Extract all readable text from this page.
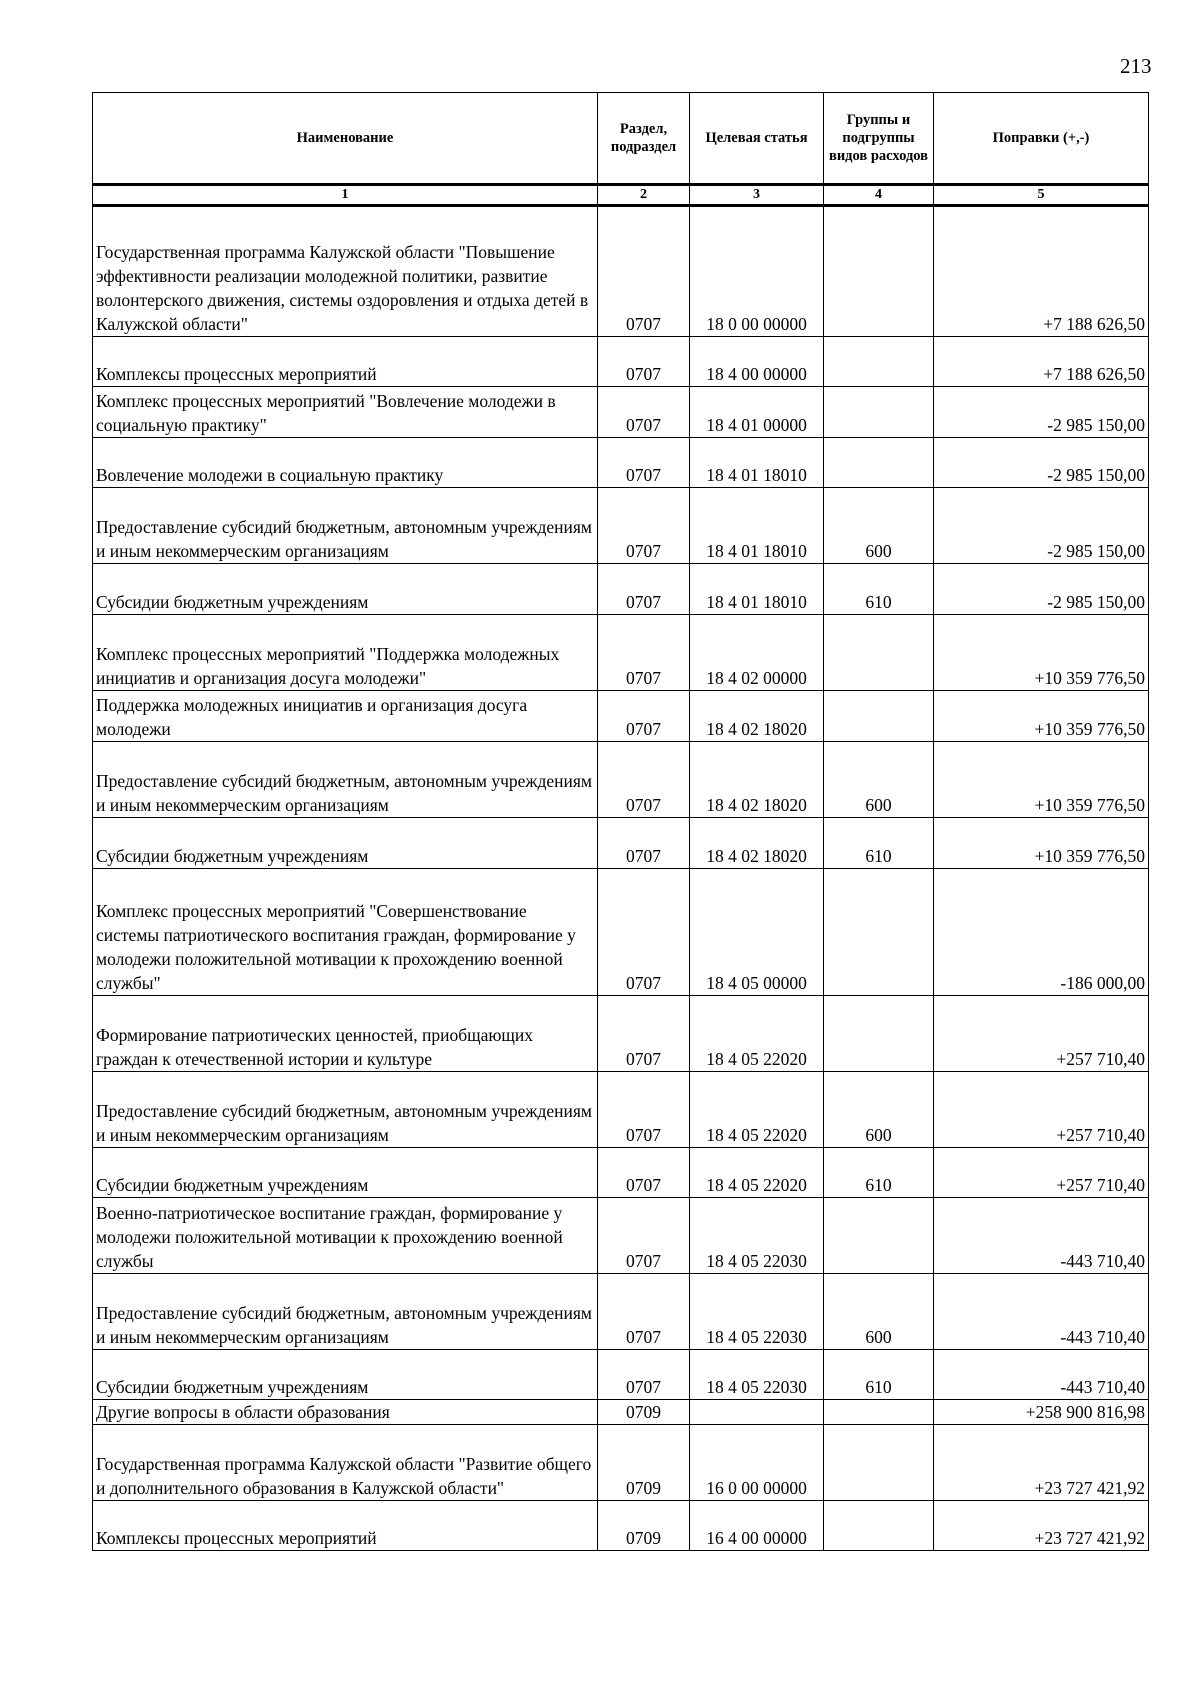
213
Наименование	Раздел, подраздел	Целевая статья	Группы и подгруппы видов расходов	Поправки (+,-)
1	2	3	4	5
Государственная программа Калужской области "Повышение эффективности реализации молодежной политики, развитие волонтерского движения, системы оздоровления и отдыха детей в Калужской области"	0707	18 0 00 00000		+7 188 626,50
Комплексы процессных мероприятий	0707	18 4 00 00000		+7 188 626,50
Комплекс процессных мероприятий "Вовлечение молодежи в социальную практику"	0707	18 4 01 00000		-2 985 150,00
Вовлечение молодежи в социальную практику	0707	18 4 01 18010		-2 985 150,00
Предоставление субсидий бюджетным, автономным учреждениям и иным некоммерческим организациям	0707	18 4 01 18010	600	-2 985 150,00
Субсидии бюджетным учреждениям	0707	18 4 01 18010	610	-2 985 150,00
Комплекс процессных мероприятий "Поддержка молодежных инициатив и организация досуга молодежи"	0707	18 4 02 00000		+10 359 776,50
Поддержка молодежных инициатив и организация досуга молодежи	0707	18 4 02 18020		+10 359 776,50
Предоставление субсидий бюджетным, автономным учреждениям и иным некоммерческим организациям	0707	18 4 02 18020	600	+10 359 776,50
Субсидии бюджетным учреждениям	0707	18 4 02 18020	610	+10 359 776,50
Комплекс процессных мероприятий "Совершенствование системы патриотического воспитания граждан, формирование у молодежи положительной мотивации к прохождению военной службы"	0707	18 4 05 00000		-186 000,00
Формирование патриотических ценностей, приобщающих граждан к отечественной истории и культуре	0707	18 4 05 22020		+257 710,40
Предоставление субсидий бюджетным, автономным учреждениям и иным некоммерческим организациям	0707	18 4 05 22020	600	+257 710,40
Субсидии бюджетным учреждениям	0707	18 4 05 22020	610	+257 710,40
Военно-патриотическое воспитание граждан, формирование у молодежи положительной мотивации к прохождению военной службы	0707	18 4 05 22030		-443 710,40
Предоставление субсидий бюджетным, автономным учреждениям и иным некоммерческим организациям	0707	18 4 05 22030	600	-443 710,40
Субсидии бюджетным учреждениям	0707	18 4 05 22030	610	-443 710,40
Другие вопросы в области образования	0709			+258 900 816,98
Государственная программа Калужской области "Развитие общего и дополнительного образования в Калужской области"	0709	16 0 00 00000		+23 727 421,92
Комплексы процессных мероприятий	0709	16 4 00 00000		+23 727 421,92
